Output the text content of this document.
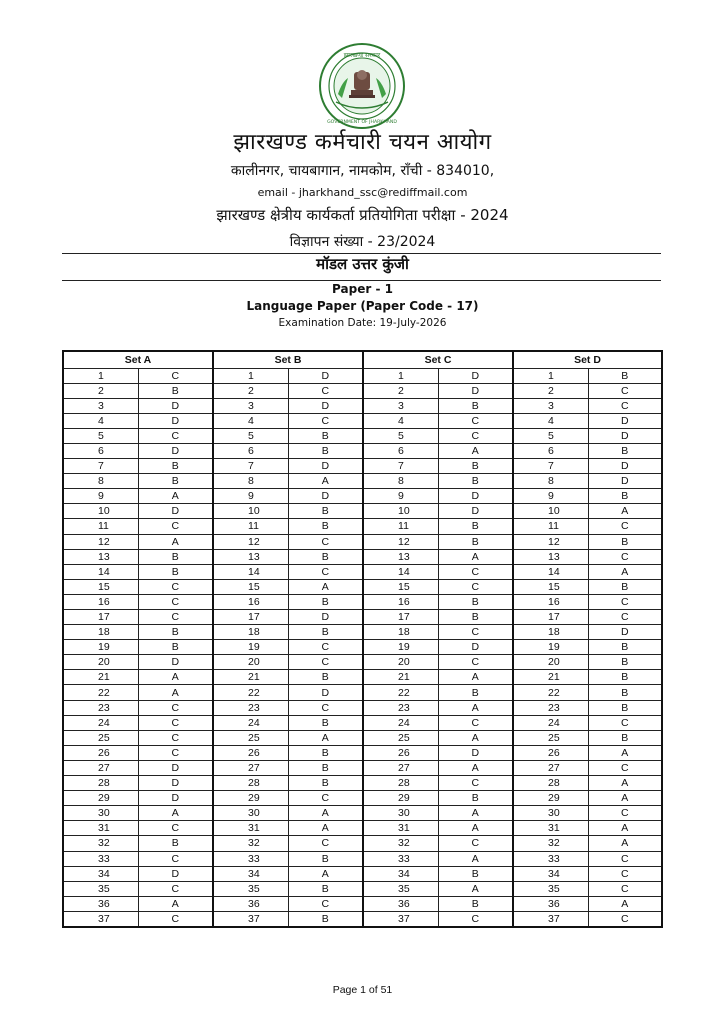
झारखण्ड सरकार
GOVERNMENT OF JHARKHAND
झारखण्ड कर्मचारी चयन आयोग
कालीनगर, चायबागान, नामकोम, राँची - 834010,
email - jharkhand_ssc@rediffmail.com
झारखण्ड क्षेत्रीय कार्यकर्ता प्रतियोगिता परीक्षा - 2024
विज्ञापन संख्या - 23/2024
मॉडल उत्तर कुंजी
Paper - 1
Language Paper (Paper Code - 17)
Examination Date: 19-July-2026
Set A		Set B		Set C		Set D	
1	C	1	D	1	D	1	B
2	B	2	C	2	D	2	C
3	D	3	D	3	B	3	C
4	D	4	C	4	C	4	D
5	C	5	B	5	C	5	D
6	D	6	B	6	A	6	B
7	B	7	D	7	B	7	D
8	B	8	A	8	B	8	D
9	A	9	D	9	D	9	B
10	D	10	B	10	D	10	A
11	C	11	B	11	B	11	C
12	A	12	C	12	B	12	B
13	B	13	B	13	A	13	C
14	B	14	C	14	C	14	A
15	C	15	A	15	C	15	B
16	C	16	B	16	B	16	C
17	C	17	D	17	B	17	C
18	B	18	B	18	C	18	D
19	B	19	C	19	D	19	B
20	D	20	C	20	C	20	B
21	A	21	B	21	A	21	B
22	A	22	D	22	B	22	B
23	C	23	C	23	A	23	B
24	C	24	B	24	C	24	C
25	C	25	A	25	A	25	B
26	C	26	B	26	D	26	A
27	D	27	B	27	A	27	C
28	D	28	B	28	C	28	A
29	D	29	C	29	B	29	A
30	A	30	A	30	A	30	C
31	C	31	A	31	A	31	A
32	B	32	C	32	C	32	A
33	C	33	B	33	A	33	C
34	D	34	A	34	B	34	C
35	C	35	B	35	A	35	C
36	A	36	C	36	B	36	A
37	C	37	B	37	C	37	C
Page 1 of 51
